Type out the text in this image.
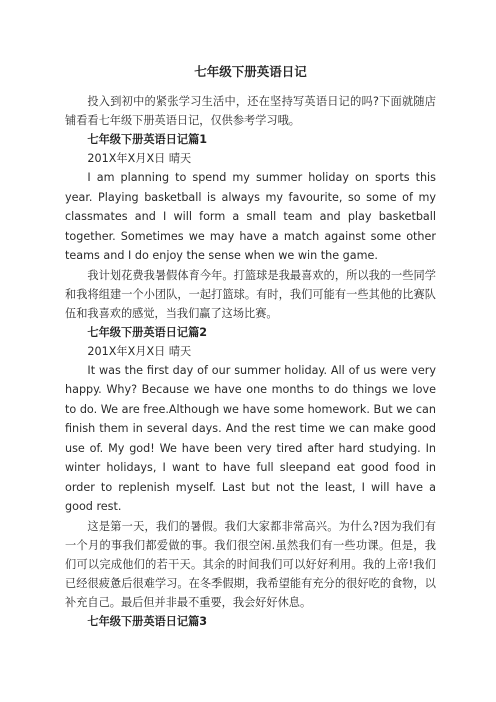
七年级下册英语日记

投入到初中的紧张学习生活中，还在坚持写英语日记的吗?下面就随店铺看看七年级下册英语日记，仅供参考学习哦。

七年级下册英语日记篇1

201X年X月X日 晴天

I am planning to spend my summer holiday on sports this year. Playing basketball is always my favourite, so some of my classmates and I will form a small team and play basketball together. Sometimes we may have a match against some other teams and I do enjoy the sense when we win the game.

我计划花费我暑假体育今年。打篮球是我最喜欢的，所以我的一些同学和我将组建一个小团队，一起打篮球。有时，我们可能有一些其他的比赛队伍和我喜欢的感觉，当我们赢了这场比赛。

七年级下册英语日记篇2

201X年X月X日 晴天

It was the first day of our summer holiday. All of us were very happy. Why? Because we have one months to do things we love to do. We are free.Although we have some homework. But we can finish them in several days. And the rest time we can make good use of. My god! We have been very tired after hard studying. In winter holidays, I want to have full sleepand eat good food in order to replenish myself. Last but not the least, I will have a good rest.

这是第一天，我们的暑假。我们大家都非常高兴。为什么?因为我们有一个月的事我们都爱做的事。我们很空闲.虽然我们有一些功课。但是，我们可以完成他们的若干天。其余的时间我们可以好好利用。我的上帝!我们已经很疲惫后很难学习。在冬季假期，我希望能有充分的很好吃的食物，以补充自己。最后但并非最不重要，我会好好休息。

七年级下册英语日记篇3
